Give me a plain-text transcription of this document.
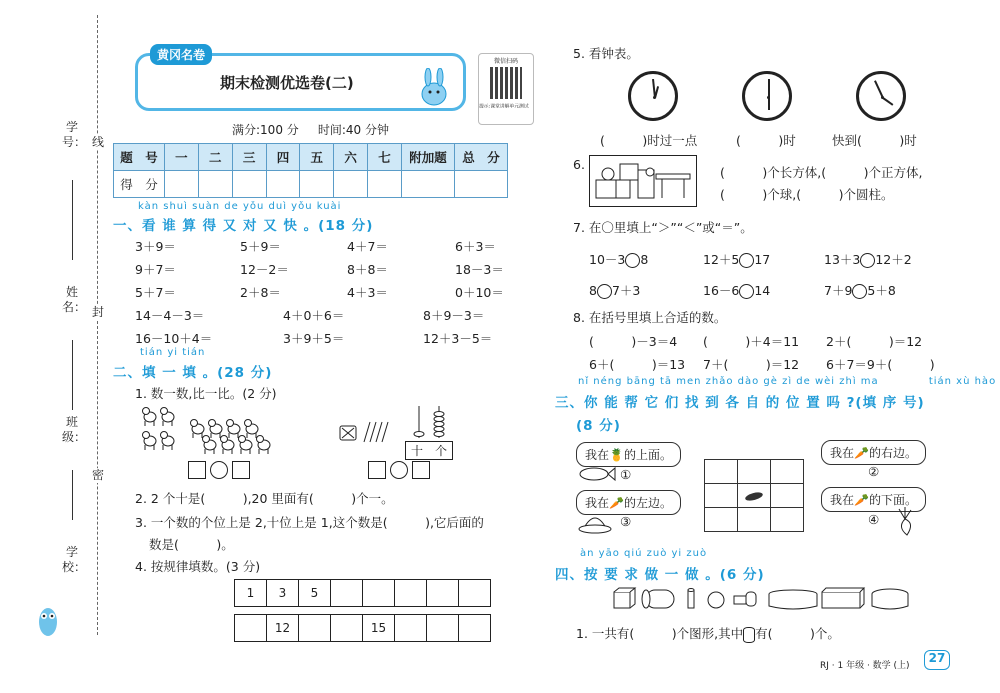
学 号： 线
姓 名： 封
班 级：
密
学 校：
黄冈名卷
期末检测优选卷(二)
微信扫码
提示:课堂讲解单元测试
满分:100 分     时间:40 分钟
题　号	一	二	三	四	五	六	七	附加题	总　分
得　分									
kàn shuì suàn de yǒu duì yǒu kuài
一、看 谁 算 得 又 对 又 快 。(18 分)
3＋9＝	5＋9＝	4＋7＝	6＋3＝
9＋7＝	12－2＝	8＋8＝	18－3＝
5＋7＝	2＋8＝	4＋3＝	0＋10＝
14－4－3＝	4＋0＋6＝	8＋9－3＝
16－10＋4＝	3＋9＋5＝	12＋3－5＝
tián yi tián
二、填 一 填 。(28 分)
1. 数一数,比一比。(2 分)

十　个

2. 2 个十是(　　　),20 里面有(　　　)个一。
3. 一个数的个位上是 2,十位上是 1,这个数是(　　　),它后面的
数是(　　　)。
4. 按规律填数。(3 分)
1	3	5					
	12			15			
5. 看钟表。
(　　　)时过一点	(　　　)时	快到(　　　)时
6.
(　　　)个长方体,(　　　)个正方体,
(　　　)个球,(　　　)个圆柱。
7. 在〇里填上“＞”“＜”或“＝”。
10－3 8	12＋5 17	13＋3 12＋2
8 7＋3	16－6 14	7＋9 5＋8
8. 在括号里填上合适的数。
(　　　)－3＝4 (　　　)＋4＝11 2＋(　　　)＝12
6＋(　　　)＝13 7＋(　　　)＝12 6＋7＝9＋(　　　)
nǐ néng bāng tā men zhǎo dào gè zì de wèi zhì ma            tián xù hào
三、你 能 帮 它 们 找 到 各 自 的 位 置 吗 ?(填 序 号)
(8 分)
我在🍍的上面。
①
我在🥕的左边。
③

我在🥕的右边。
②
我在🥕的下面。
④
àn yāo qiú zuò yi zuò
四、按 要 求 做 一 做 。(6 分)
1. 一共有(　　　)个图形,其中 有(　　　)个。
RJ · 1 年级 · 数学 (上)
27
